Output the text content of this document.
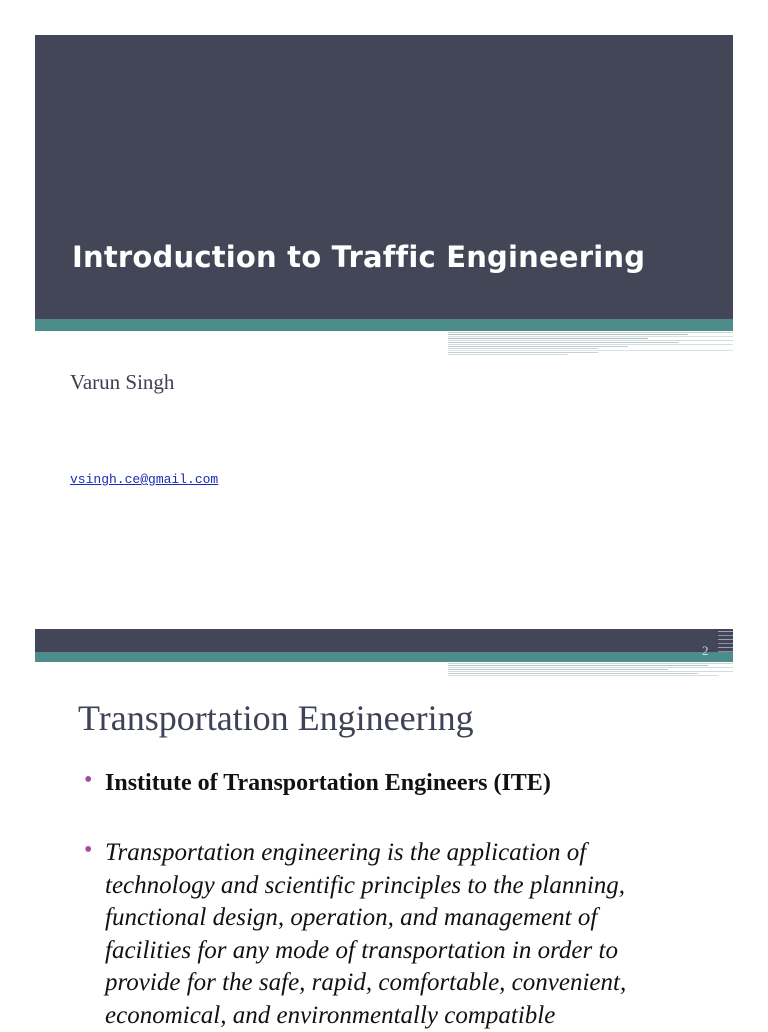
Introduction to Traffic Engineering
Varun Singh
vsingh.ce@gmail.com
2
Transportation Engineering
• Institute of Transportation Engineers (ITE)
• Transportation engineering is the application of technology and scientific principles to the planning, functional design, operation, and management of facilities for any mode of transportation in order to provide for the safe, rapid, comfortable, convenient, economical, and environmentally compatible
